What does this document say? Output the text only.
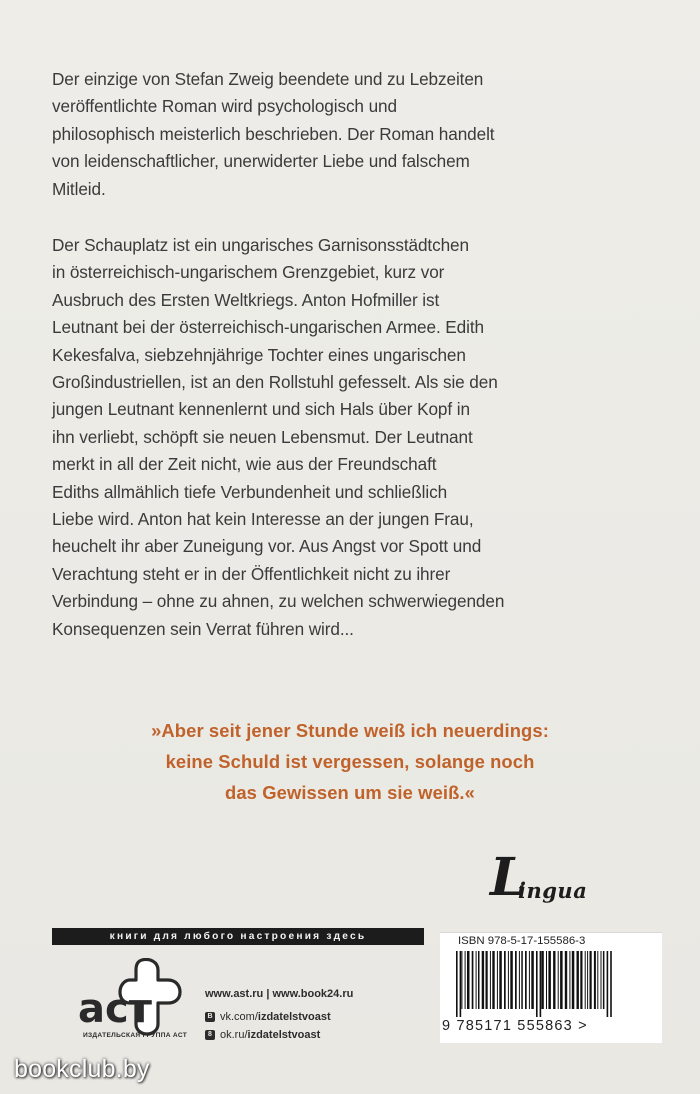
Der einzige von Stefan Zweig beendete und zu Lebzeiten
veröffentlichte Roman wird psychologisch und
philosophisch meisterlich beschrieben. Der Roman handelt
von leidenschaftlicher, unerwiderter Liebe und falschem
Mitleid.

Der Schauplatz ist ein ungarisches Garnisonsstädtchen
in österreichisch-ungarischem Grenzgebiet, kurz vor
Ausbruch des Ersten Weltkriegs. Anton Hofmiller ist
Leutnant bei der österreichisch-ungarischen Armee. Edith
Kekesfalva, siebzehnjährige Tochter eines ungarischen
Großindustriellen, ist an den Rollstuhl gefesselt. Als sie den
jungen Leutnant kennenlernt und sich Hals über Kopf in
ihn verliebt, schöpft sie neuen Lebensmut. Der Leutnant
merkt in all der Zeit nicht, wie aus der Freundschaft
Ediths allmählich tiefe Verbundenheit und schließlich
Liebe wird. Anton hat kein Interesse an der jungen Frau,
heuchelt ihr aber Zuneigung vor. Aus Angst vor Spott und
Verachtung steht er in der Öffentlichkeit nicht zu ihrer
Verbindung – ohne zu ahnen, zu welchen schwerwiegenden
Konsequenzen sein Verrat führen wird...

»Aber seit jener Stunde weiß ich neuerdings:
keine Schuld ist vergessen, solange noch
das Gewissen um sie weiß.«
L
ingua
книги для любого настроения здесь
аст
ИЗДАТЕЛЬСКАЯ ГРУППА АСТ
www.ast.ru | www.book24.ru
B vk.com/izdatelstvoast
8 ok.ru/izdatelstvoast
ISBN 978-5-17-155586-3
9 785171 555863 >
bookclub.by
